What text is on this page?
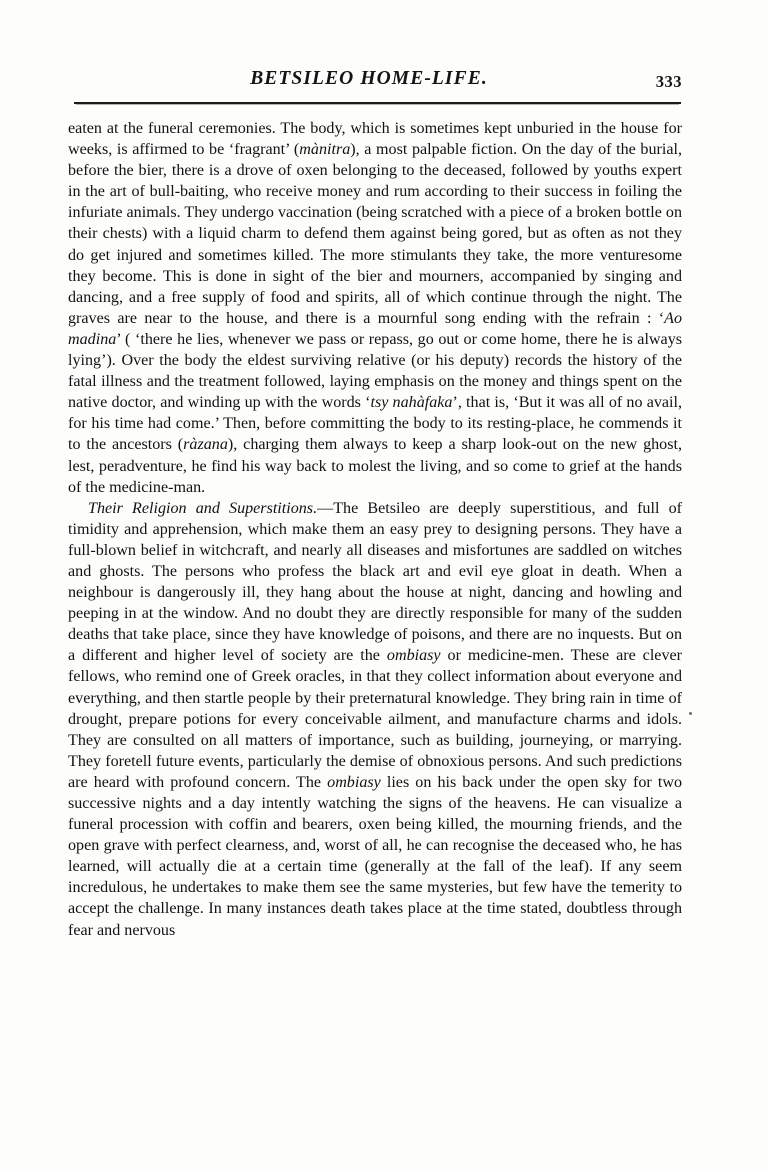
BETSILEO HOME-LIFE.	333

eaten at the funeral ceremonies. The body, which is sometimes kept unburied in the house for weeks, is affirmed to be ‘fragrant’ (mànitra), a most palpable fiction. On the day of the burial, before the bier, there is a drove of oxen belonging to the deceased, followed by youths expert in the art of bull-baiting, who receive money and rum according to their success in foiling the infuriate animals. They undergo vaccination (being scratched with a piece of a broken bottle on their chests) with a liquid charm to defend them against being gored, but as often as not they do get injured and sometimes killed. The more stimulants they take, the more venturesome they become. This is done in sight of the bier and mourners, accompanied by singing and dancing, and a free supply of food and spirits, all of which continue through the night. The graves are near to the house, and there is a mournful song ending with the refrain : ‘Ao madina’ ( ‘there he lies, whenever we pass or repass, go out or come home, there he is always lying’). Over the body the eldest surviving relative (or his deputy) records the history of the fatal illness and the treatment followed, laying emphasis on the money and things spent on the native doctor, and winding up with the words ‘tsy nahàfaka’, that is, ‘But it was all of no avail, for his time had come.’ Then, before committing the body to its resting-place, he commends it to the ancestors (ràzana), charging them always to keep a sharp look-out on the new ghost, lest, peradventure, he find his way back to molest the living, and so come to grief at the hands of the medicine-man.

Their Religion and Superstitions.—The Betsileo are deeply superstitious, and full of timidity and apprehension, which make them an easy prey to designing persons. They have a full-blown belief in witchcraft, and nearly all diseases and misfortunes are saddled on witches and ghosts. The persons who profess the black art and evil eye gloat in death. When a neighbour is dangerously ill, they hang about the house at night, dancing and howling and peeping in at the window. And no doubt they are directly responsible for many of the sudden deaths that take place, since they have knowledge of poisons, and there are no inquests. But on a different and higher level of society are the ombiasy or medicine-men. These are clever fellows, who remind one of Greek oracles, in that they collect information about everyone and everything, and then startle people by their preternatural knowledge. They bring rain in time of drought, prepare potions for every conceivable ailment, and manufacture charms and idols. They are consulted on all matters of importance, such as building, journeying, or marrying. They foretell future events, particularly the demise of obnoxious persons. And such predictions are heard with profound concern. The ombiasy lies on his back under the open sky for two successive nights and a day intently watching the signs of the heavens. He can visualize a funeral procession with coffin and bearers, oxen being killed, the mourning friends, and the open grave with perfect clearness, and, worst of all, he can recognise the deceased who, he has learned, will actually die at a certain time (generally at the fall of the leaf). If any seem incredulous, he undertakes to make them see the same mysteries, but few have the temerity to accept the challenge. In many instances death takes place at the time stated, doubtless through fear and nervous
